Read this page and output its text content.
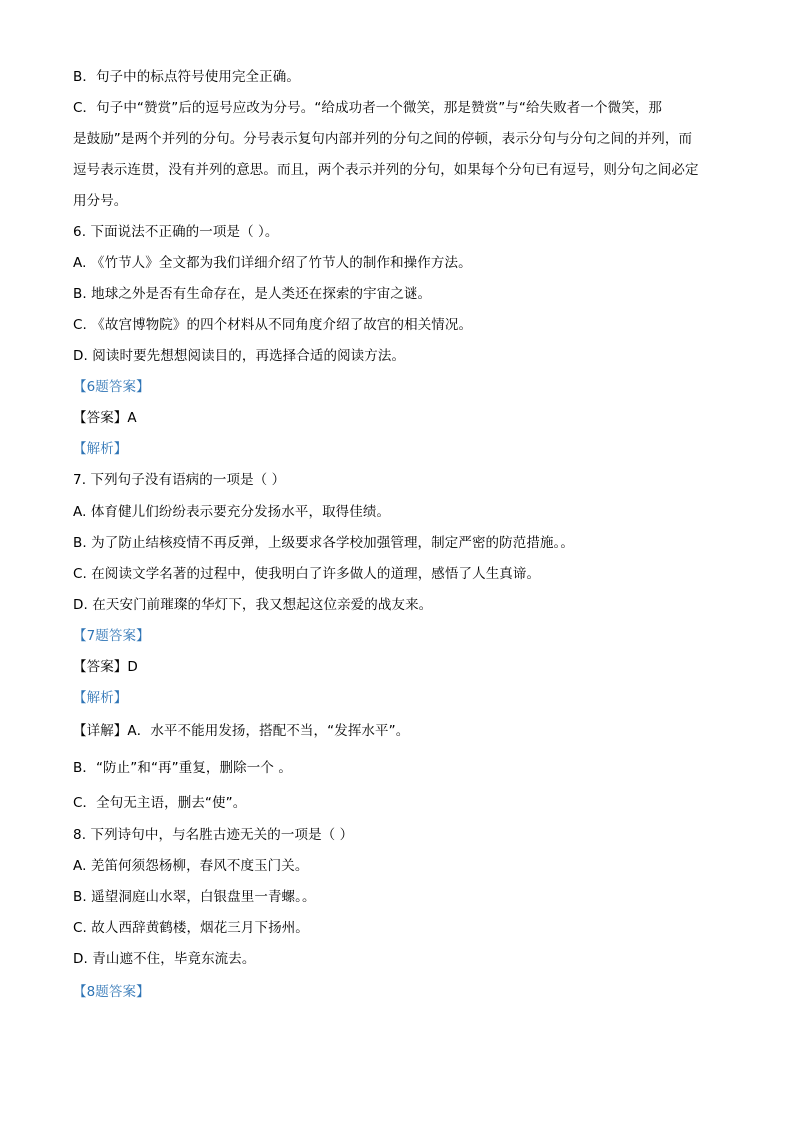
B．句子中的标点符号使用完全正确。
C．句子中“赞赏”后的逗号应改为分号。“给成功者一个微笑，那是赞赏”与“给失败者一个微笑，那
是鼓励”是两个并列的分句。分号表示复句内部并列的分句之间的停顿，表示分句与分句之间的并列，而
逗号表示连贯，没有并列的意思。而且，两个表示并列的分句，如果每个分句已有逗号，则分句之间必定
用分号。
6. 下面说法不正确的一项是（ ）。
A. 《竹节人》全文都为我们详细介绍了竹节人的制作和操作方法。
B. 地球之外是否有生命存在，是人类还在探索的宇宙之谜。
C. 《故宫博物院》的四个材料从不同角度介绍了故宫的相关情况。
D. 阅读时要先想想阅读目的，再选择合适的阅读方法。
【6题答案】
【答案】A
【解析】
7. 下列句子没有语病的一项是（ ）
A. 体育健儿们纷纷表示要充分发扬水平，取得佳绩。
B. 为了防止结核疫情不再反弹，上级要求各学校加强管理，制定严密的防范措施。。
C. 在阅读文学名著的过程中，使我明白了许多做人的道理，感悟了人生真谛。
D. 在天安门前璀璨的华灯下，我又想起这位亲爱的战友来。
【7题答案】
【答案】D
【解析】
【详解】A．水平不能用发扬，搭配不当，“发挥水平”。
B．“防止”和“再”重复，删除一个 。
C．全句无主语，删去“使”。
8. 下列诗句中，与名胜古迹无关的一项是（ ）
A. 羌笛何须怨杨柳，春风不度玉门关。
B. 遥望洞庭山水翠，白银盘里一青螺。。
C. 故人西辞黄鹤楼，烟花三月下扬州。
D. 青山遮不住，毕竟东流去。
【8题答案】
